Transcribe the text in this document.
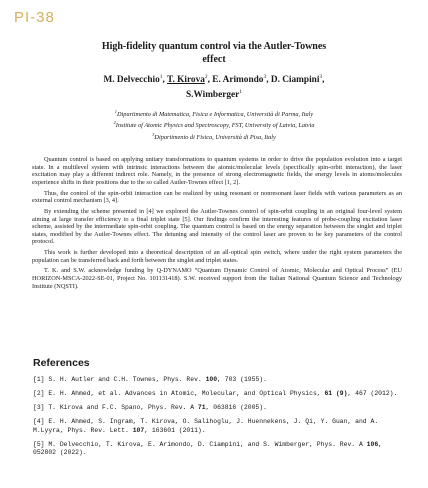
PI-38
High-fidelity quantum control via the Autler-Townes
effect
M. Delvecchio$^1$, T. Kirova$^2$, E. Arimondo$^3$, D. Ciampini$^3$,
S.Wimberger$^1$
$^1$Dipartimento di Matematica, Fisica e Informatica, Università di Parma, Italy
$^2$Institute of Atomic Physics and Spectroscopy, FST, University of Latvia, Latvia
$^3$Dipartimento di Fisica, Università di Pisa, Italy

Quantum control is based on applying unitary transformations to quantum systems in order to drive the population evolution into a target state. In a multilevel system with intrinsic interactions between the atomic/molecular levels (specifically spin-orbit interaction), the laser excitation may play a different indirect role. Namely, in the presence of strong electromagnetic fields, the energy levels in atoms/molecules experience shifts in their positions due to the so called Autler-Townes effect [1, 2].

Thus, the control of the spin-orbit interaction can be realized by using resonant or nonresonant laser fields with various parameters as an external control mechanism [3, 4].

By extending the scheme presented in [4] we explored the Autler-Townes control of spin-orbit coupling in an original four-level system aiming at large transfer efficiency to a final triplet state [5]. Our findings confirm the interesting features of probe-coupling excitation laser scheme, assisted by the intermediate spin-orbit coupling. The quantum control is based on the energy separation between the singlet and triplet states, modified by the Autler-Townes effect. The detuning and intensity of the control laser are proven to be key parameters of the control protocol.

This work is further developed into a theoretical description of an all-optical spin switch, where under the right system parameters the population can be transferred back and forth between the singlet and triplet states.

T. K. and S.W. acknowledge funding by Q-DYNAMO “Quantum Dynamic Control of Atomic, Molecular and Optical Process” (EU HORIZON-MSCA-2022-SE-01, Project No. 101131418). S.W. received support from the Italian National Quantum Science and Technology Institute (NQSTI).

References
[1] S. H. Autler and C.H. Townes, Phys. Rev. 100, 703 (1955).
[2] E. H. Ahmed, et al. Advances in Atomic, Molecular, and Optical Physics, 61 (9), 467 (2012).
[3] T. Kirova and F.C. Spano, Phys. Rev. A 71, 063816 (2005).
[4] E. H. Ahmed, S. Ingram, T. Kirova, O. Salihoglu, J. Huennekens, J. Qi, Y. Guan, and A. M.Lyyra, Phys. Rev. Lett. 107, 163601 (2011).
[5] M. Delvecchio, T. Kirova, E. Arimondo, D. Ciampini, and S. Wimberger, Phys. Rev. A 106, 052802 (2022).
